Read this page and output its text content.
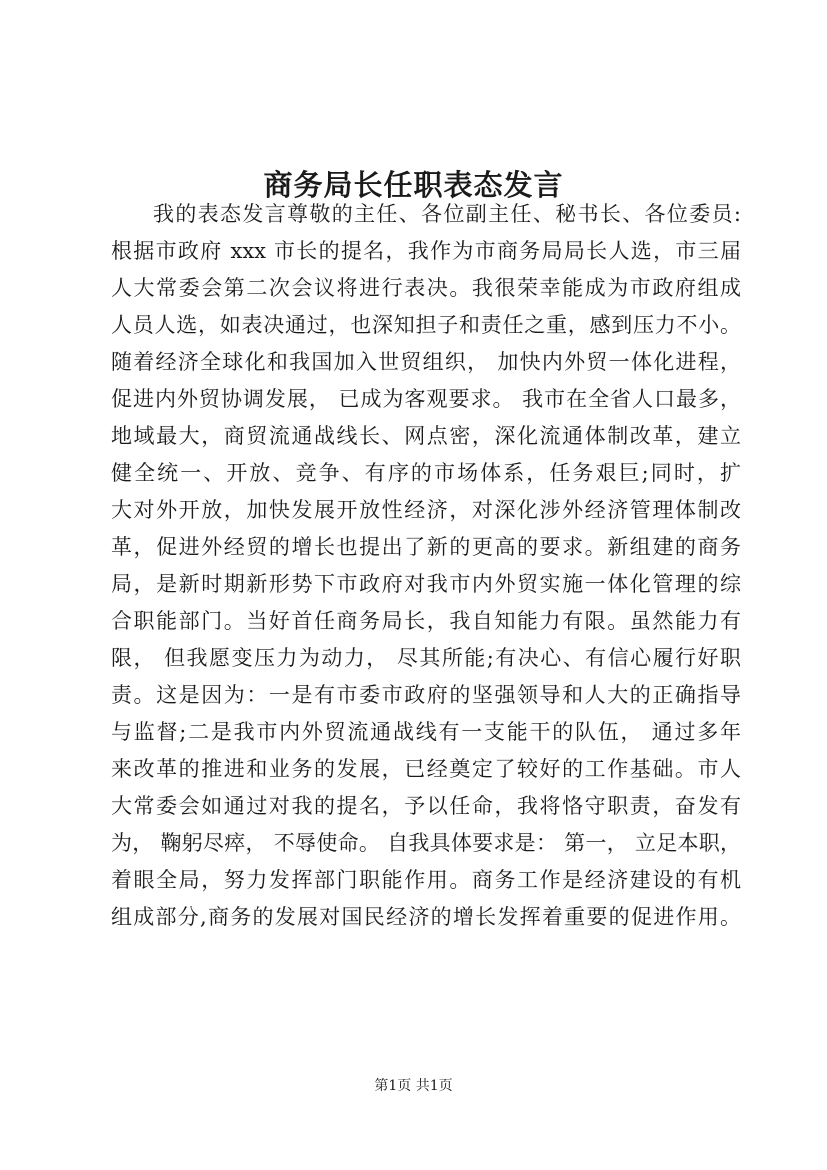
商务局长任职表态发言
我的表态发言尊敬的主任、各位副主任、秘书长、各位委员:
根据市政府 xxx 市长的提名，我作为市商务局局长人选，市三届
人大常委会第二次会议将进行表决。我很荣幸能成为市政府组成
人员人选，如表决通过，也深知担子和责任之重，感到压力不小。
随着经济全球化和我国加入世贸组织， 加快内外贸一体化进程，
促进内外贸协调发展， 已成为客观要求。 我市在全省人口最多，
地域最大，商贸流通战线长、网点密，深化流通体制改革，建立
健全统一、开放、竞争、有序的市场体系，任务艰巨;同时，扩
大对外开放，加快发展开放性经济，对深化涉外经济管理体制改
革，促进外经贸的增长也提出了新的更高的要求。新组建的商务
局，是新时期新形势下市政府对我市内外贸实施一体化管理的综
合职能部门。当好首任商务局长，我自知能力有限。虽然能力有
限， 但我愿变压力为动力， 尽其所能;有决心、有信心履行好职
责。这是因为：一是有市委市政府的坚强领导和人大的正确指导
与监督;二是我市内外贸流通战线有一支能干的队伍， 通过多年
来改革的推进和业务的发展，已经奠定了较好的工作基础。市人
大常委会如通过对我的提名，予以任命，我将恪守职责，奋发有
为， 鞠躬尽瘁， 不辱使命。 自我具体要求是： 第一， 立足本职，
着眼全局，努力发挥部门职能作用。商务工作是经济建设的有机
组成部分,商务的发展对国民经济的增长发挥着重要的促进作用。
第1页 共1页
